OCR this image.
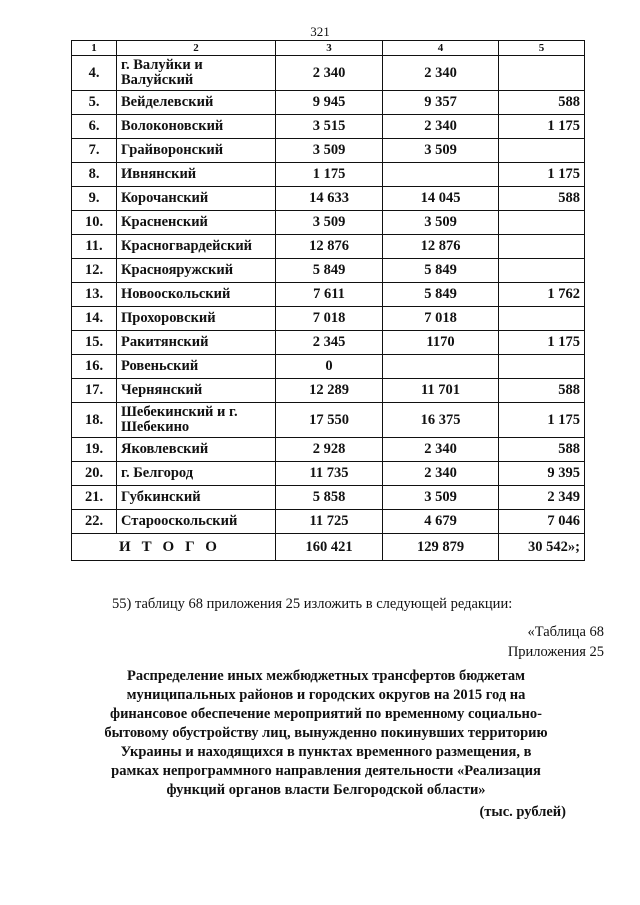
321
1	2	3	4	5
4.	г. Валуйки и Валуйский	2 340	2 340	
5.	Вейделевский	9 945	9 357	588
6.	Волоконовский	3 515	2 340	1 175
7.	Грайворонский	3 509	3 509	
8.	Ивнянский	1 175		1 175
9.	Корочанский	14 633	14 045	588
10.	Красненский	3 509	3 509	
11.	Красногвардейский	12 876	12 876	
12.	Краснояружский	5 849	5 849	
13.	Новооскольский	7 611	5 849	1 762
14.	Прохоровский	7 018	7 018	
15.	Ракитянский	2 345	1170	1 175
16.	Ровеньский	0		
17.	Чернянский	12 289	11 701	588
18.	Шебекинский и г. Шебекино	17 550	16 375	1 175
19.	Яковлевский	2 928	2 340	588
20.	г. Белгород	11 735	2 340	9 395
21.	Губкинский	5 858	3 509	2 349
22.	Старооскольский	11 725	4 679	7 046
ИТОГО		160 421	129 879	30 542»;
55) таблицу 68 приложения 25 изложить в следующей редакции:
«Таблица 68
Приложения 25
Распределение иных межбюджетных трансфертов бюджетам
муниципальных районов и городских округов на 2015 год на
финансовое обеспечение мероприятий по временному социально-
бытовому обустройству лиц, вынужденно покинувших территорию
Украины и находящихся в пунктах временного размещения, в
рамках непрограммного направления деятельности «Реализация
функций органов власти Белгородской области»
(тыс. рублей)
